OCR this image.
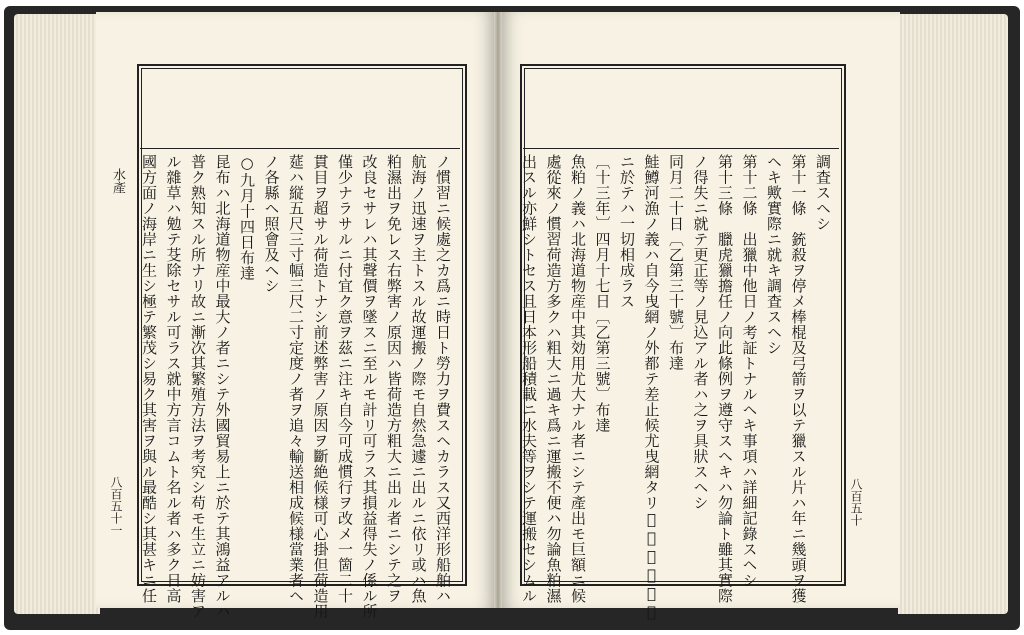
水產
八百五十一	八百五十
ノ慣習ニ候處之カ爲ニ時日ト勞力ヲ費スヘカラス又西洋形船舶ハ
航海ノ迅速ヲ主トスル故運搬ノ際モ自然急遽ニ出ルニ依リ或ハ魚
粕濕出ヲ免レス右弊害ノ原因ハ皆荷造方粗大ニ出ル者ニシテ之ヲ
改良セサレハ其聲價ヲ墜スニ至ルモ計リ可ラス其損益得失ノ係ル所
僅少ナラサルニ付宜ク意ヲ茲ニ注キ自今可成慣行ヲ改メ一箇二十
貫目ヲ超サル荷造トナシ前述弊害ノ原因ヲ斷絶候様可心掛但荷造用
莚ハ縦五尺三寸幅三尺二寸定度ノ者ヲ追々輸送相成候様當業者ヘ
ノ各縣ヘ照會及ヘシ
○九月十四日布達
昆布ハ北海道物産中最大ノ者ニシテ外國貿易上ニ於テ其鴻益アルハ
普ク熟知スル所ナリ故ニ漸次其繁殖方法ヲ考究シ苟モ生立ニ妨害ア
ル雜草ハ勉テ芟除セサル可ラス就中方言コムト名ル者ハ多ク日高
國方面ノ海岸ニ生シ極テ繁茂シ易ク其害ヲ與ル最酷シ其甚キニ任	調査スヘシ
第十一條　銃殺ヲ停メ棒棍及弓箭ヲ以テ獵スル片ハ年ニ幾頭ヲ獲
ヘキ歟實際ニ就キ調査スヘシ
第十二條　出獵中他日ノ考証トナルヘキ事項ハ詳細記錄スヘシ
第十三條　臘虎獵擔任ノ向此條例ヲ遵守スヘキハ勿論ト雖其實際
ノ得失ニ就テ更正等ノ見込アル者ハ之ヲ具狀スヘシ
同月二十日〔乙第三十號〕布達
鮭鱒河漁ノ義ハ自今曳網ノ外都テ差止候尤曳網タリ𪜈夜中及支川
ニ於テハ一切相成ラス
〔十三年〕四月十七日〔乙第三號〕布達
魚粕ノ義ハ北海道物産中其効用尤大ナル者ニシテ產出モ巨額ニ候
處從來ノ慣習荷造方多クハ粗大ニ過キ爲ニ運搬不便ハ勿論魚粕濕
出スル亦鮮シトセス且日本形船積載ニ水夫等ヲシテ運搬セシムル
